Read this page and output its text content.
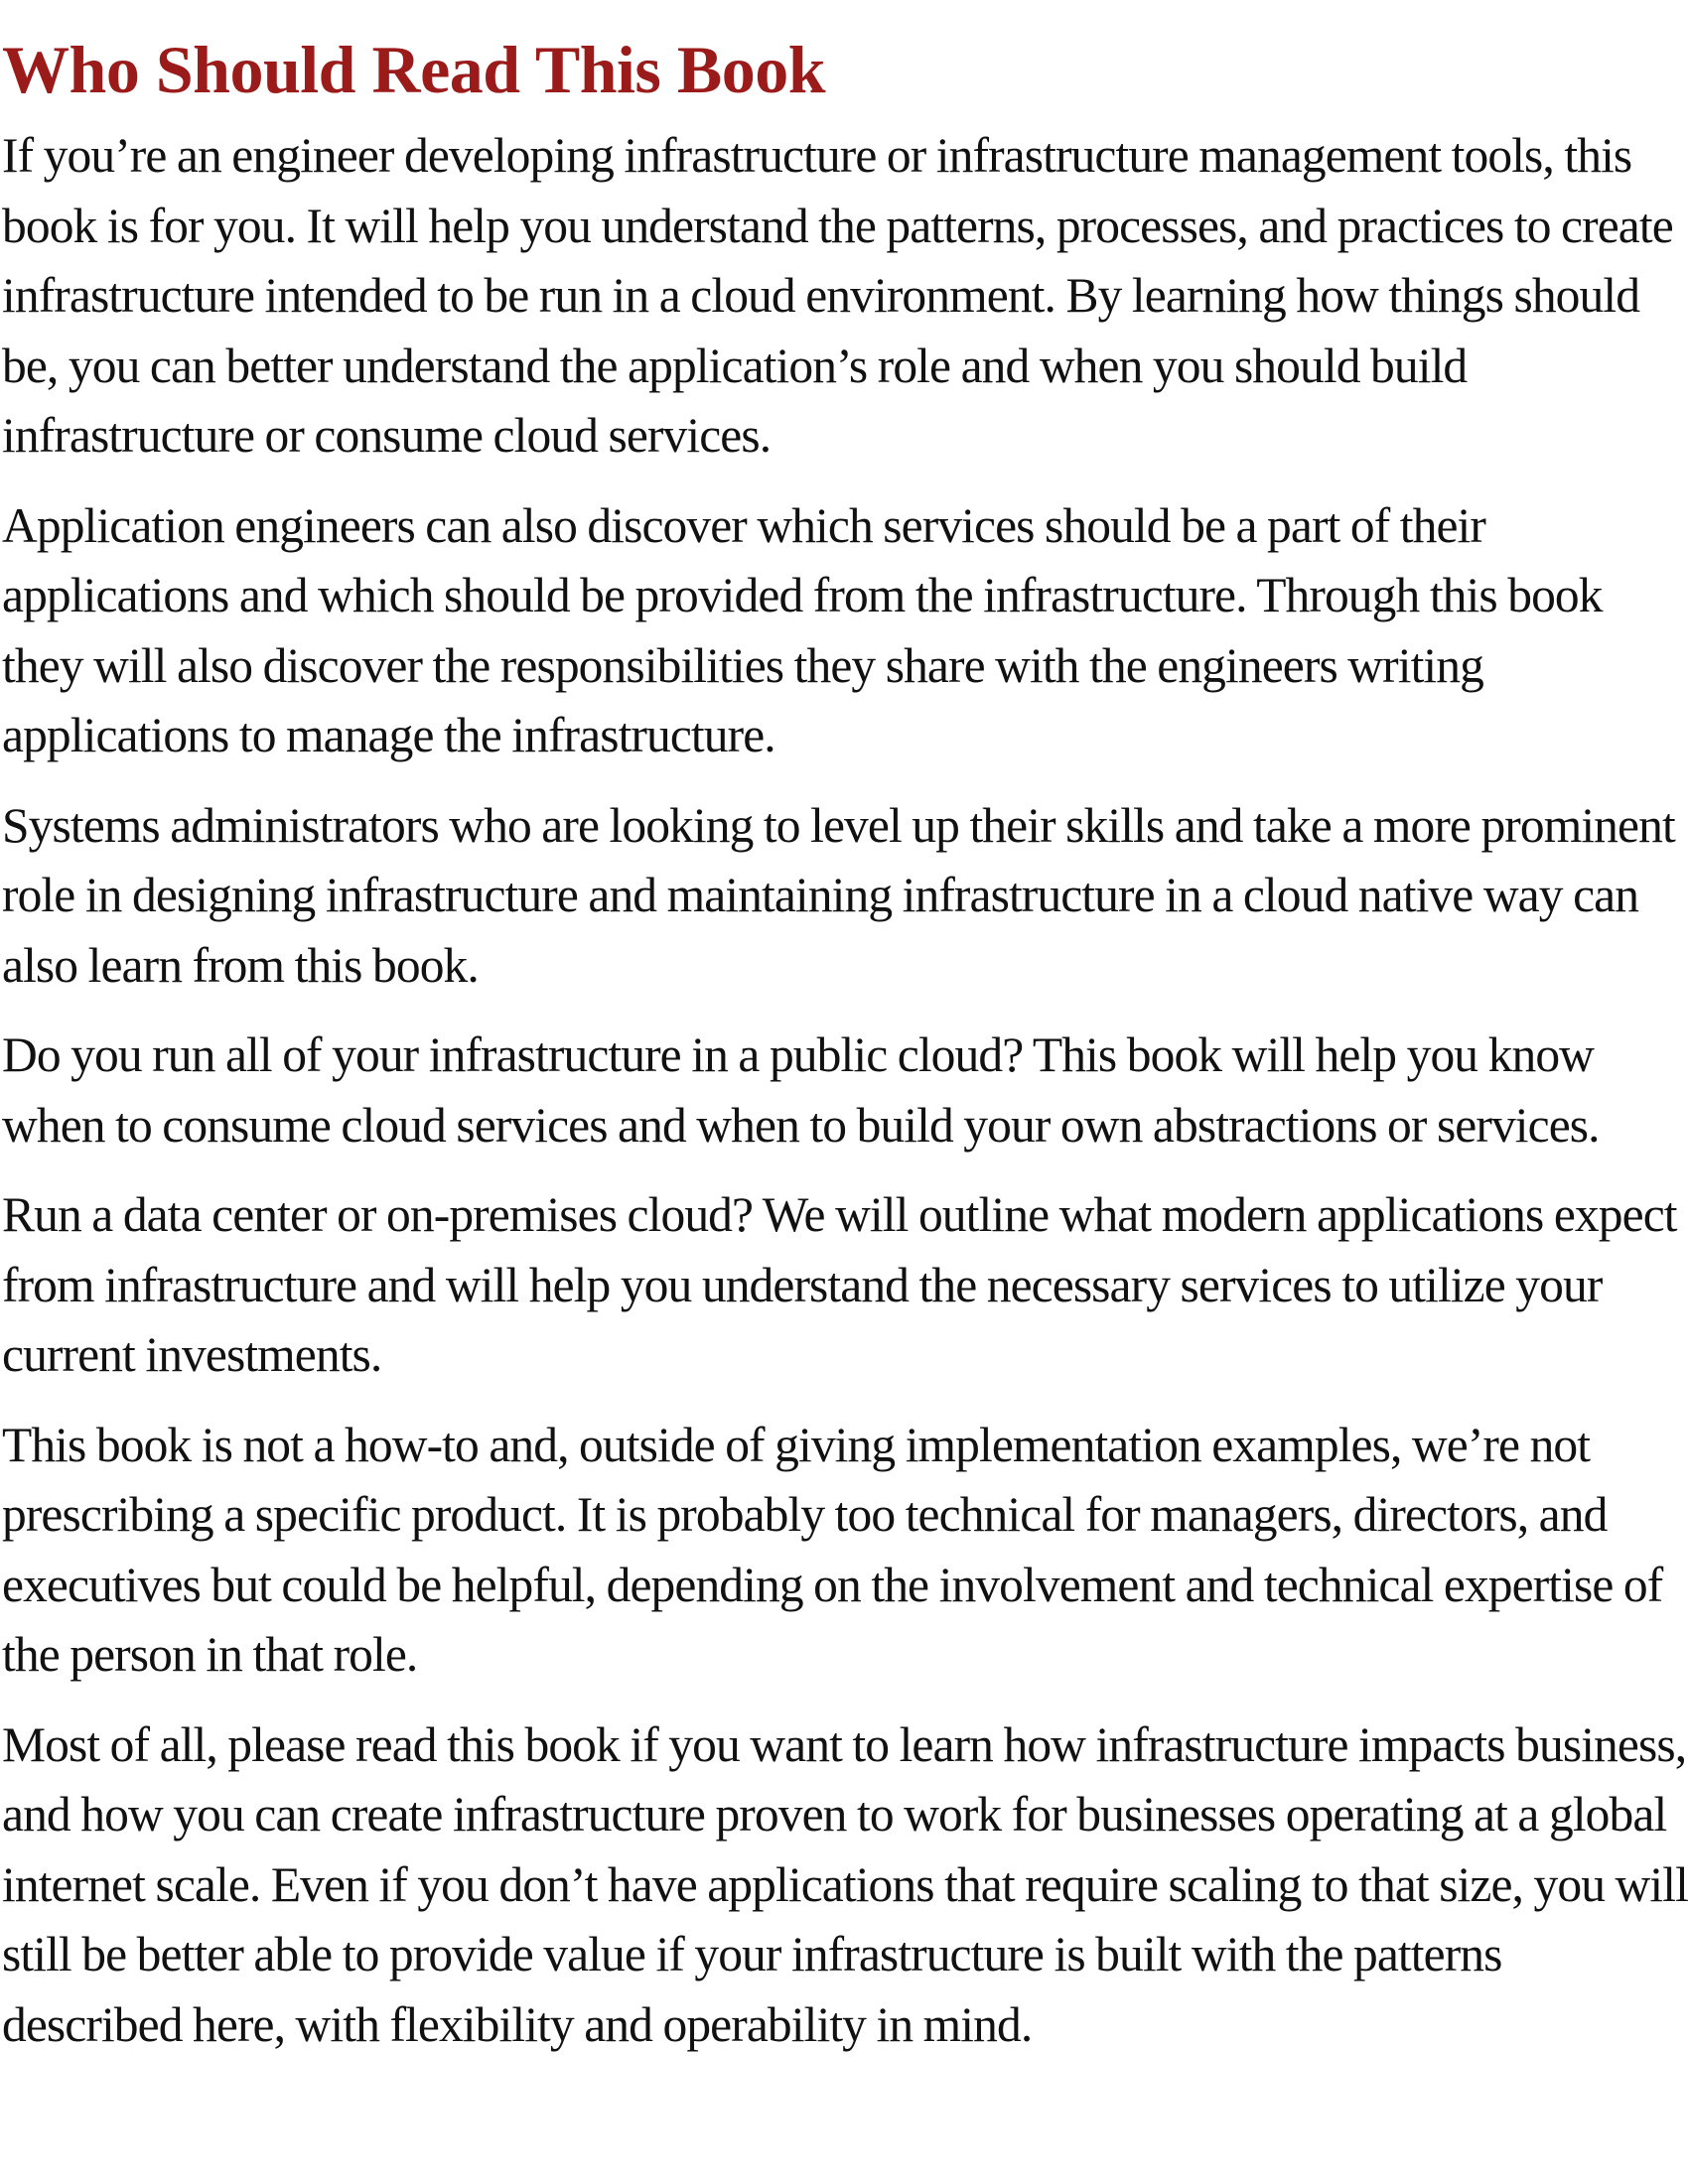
Who Should Read This Book

If you’re an engineer developing infrastructure or infrastructure management tools, this book is for you. It will help you understand the patterns, processes, and practices to create infrastructure intended to be run in a cloud environment. By learning how things should be, you can better understand the application’s role and when you should build infrastructure or consume cloud services.

Application engineers can also discover which services should be a part of their applications and which should be provided from the infrastructure. Through this book they will also discover the responsibilities they share with the engineers writing applications to manage the infrastructure.

Systems administrators who are looking to level up their skills and take a more prominent role in designing infrastructure and maintaining infrastructure in a cloud native way can also learn from this book.

Do you run all of your infrastructure in a public cloud? This book will help you know when to consume cloud services and when to build your own abstractions or services.

Run a data center or on-premises cloud? We will outline what modern applications expect from infrastructure and will help you understand the necessary services to utilize your current investments.

This book is not a how-to and, outside of giving implementation examples, we’re not prescribing a specific product. It is probably too technical for managers, directors, and executives but could be helpful, depending on the involvement and technical expertise of the person in that role.

Most of all, please read this book if you want to learn how infrastructure impacts business, and how you can create infrastructure proven to work for businesses operating at a global internet scale. Even if you don’t have applications that require scaling to that size, you will still be better able to provide value if your infrastructure is built with the patterns described here, with flexibility and operability in mind.
